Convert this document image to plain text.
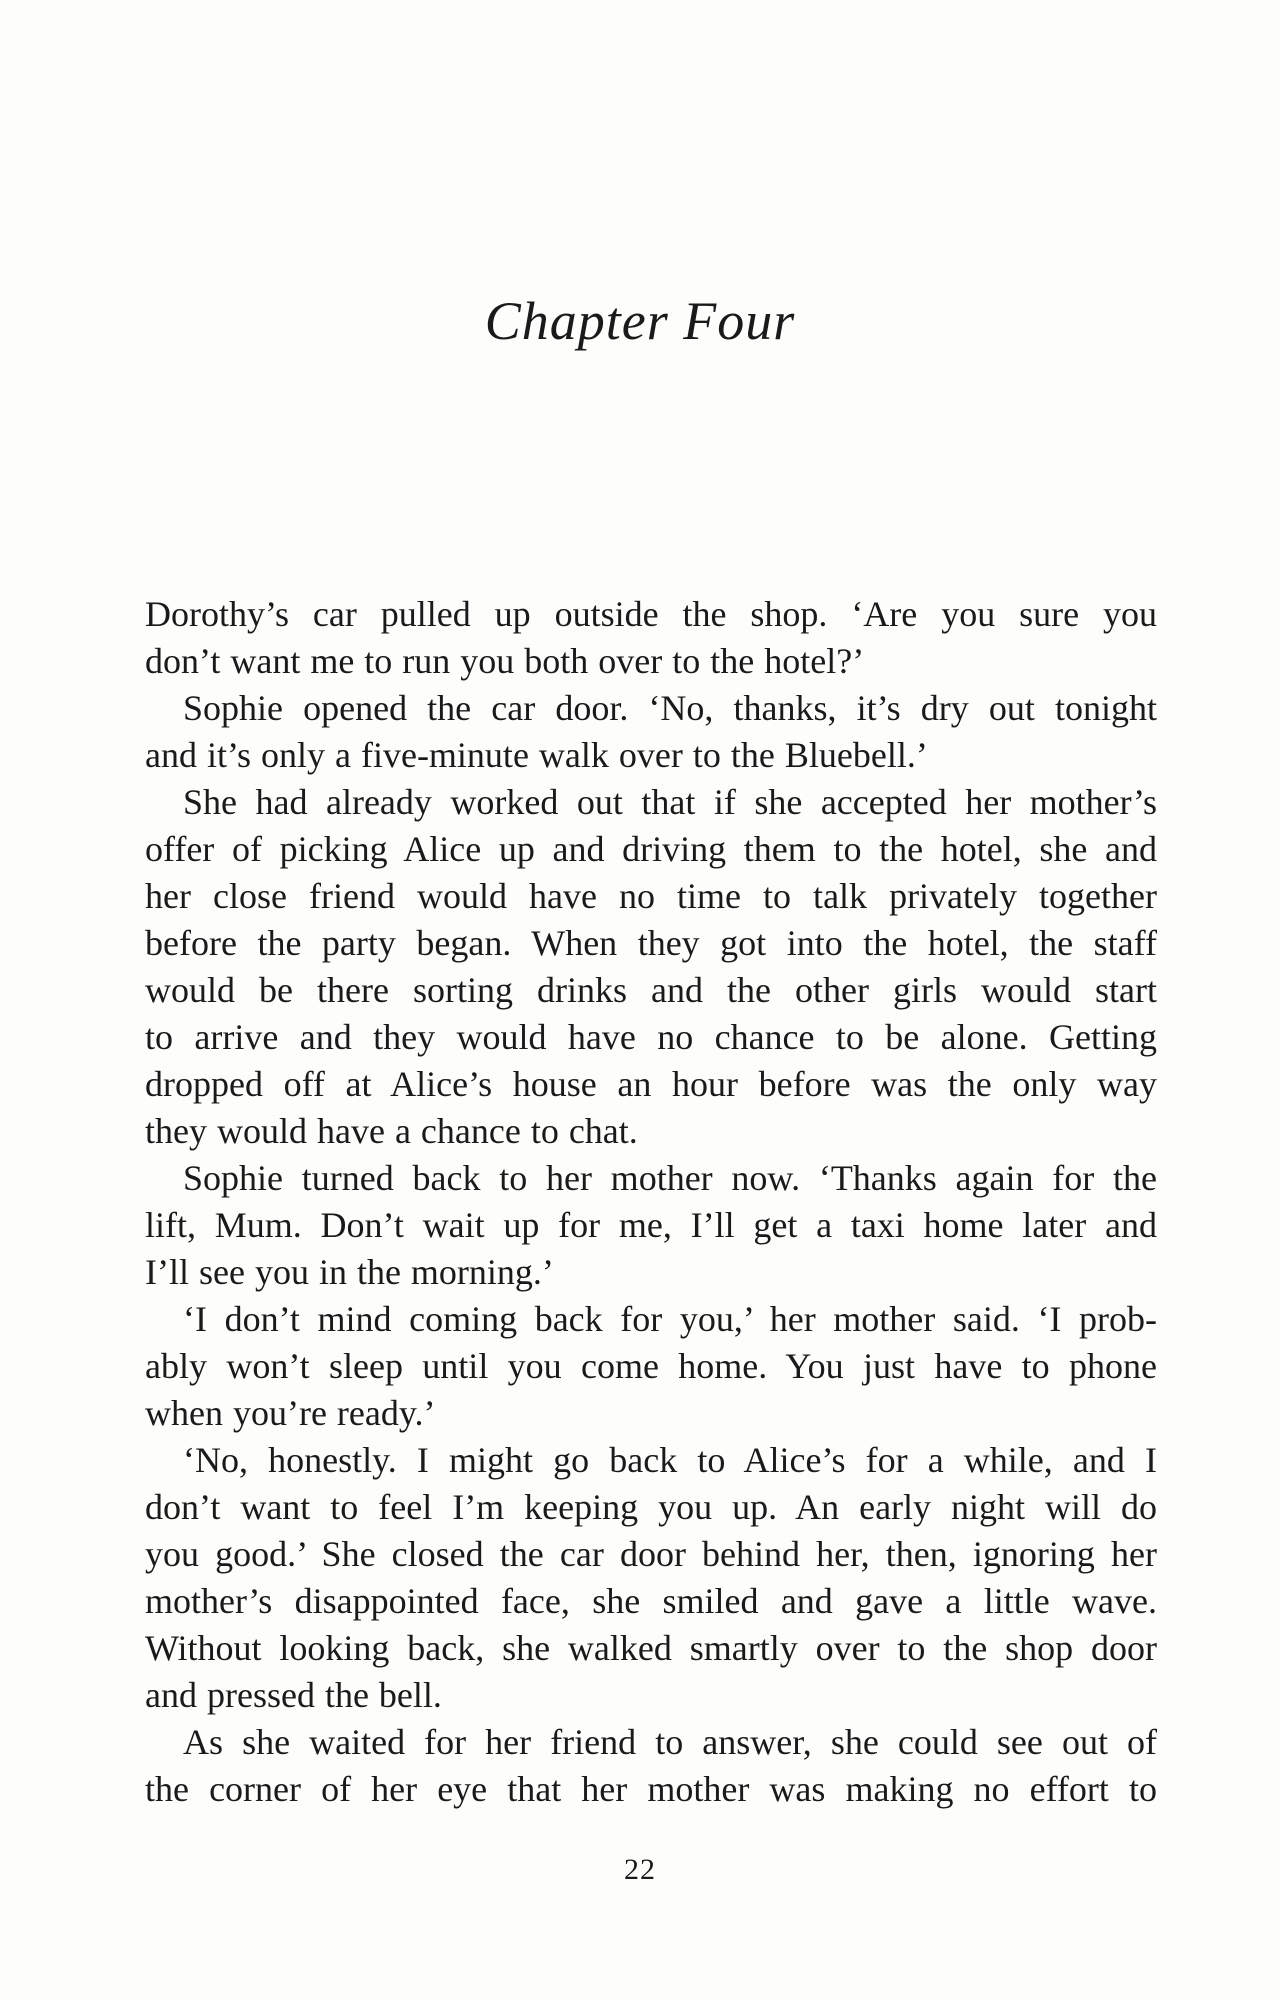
Chapter Four
Dorothy’s car pulled up outside the shop. ‘Are you sure you
don’t want me to run you both over to the hotel?’
Sophie opened the car door. ‘No, thanks, it’s dry out tonight
and it’s only a five-minute walk over to the Bluebell.’
She had already worked out that if she accepted her mother’s
offer of picking Alice up and driving them to the hotel, she and
her close friend would have no time to talk privately together
before the party began. When they got into the hotel, the staff
would be there sorting drinks and the other girls would start
to arrive and they would have no chance to be alone. Getting
dropped off at Alice’s house an hour before was the only way
they would have a chance to chat.
Sophie turned back to her mother now. ‘Thanks again for the
lift, Mum. Don’t wait up for me, I’ll get a taxi home later and
I’ll see you in the morning.’
‘I don’t mind coming back for you,’ her mother said. ‘I prob-
ably won’t sleep until you come home. You just have to phone
when you’re ready.’
‘No, honestly. I might go back to Alice’s for a while, and I
don’t want to feel I’m keeping you up. An early night will do
you good.’ She closed the car door behind her, then, ignoring her
mother’s disappointed face, she smiled and gave a little wave.
Without looking back, she walked smartly over to the shop door
and pressed the bell.
As she waited for her friend to answer, she could see out of
the corner of her eye that her mother was making no effort to
22
